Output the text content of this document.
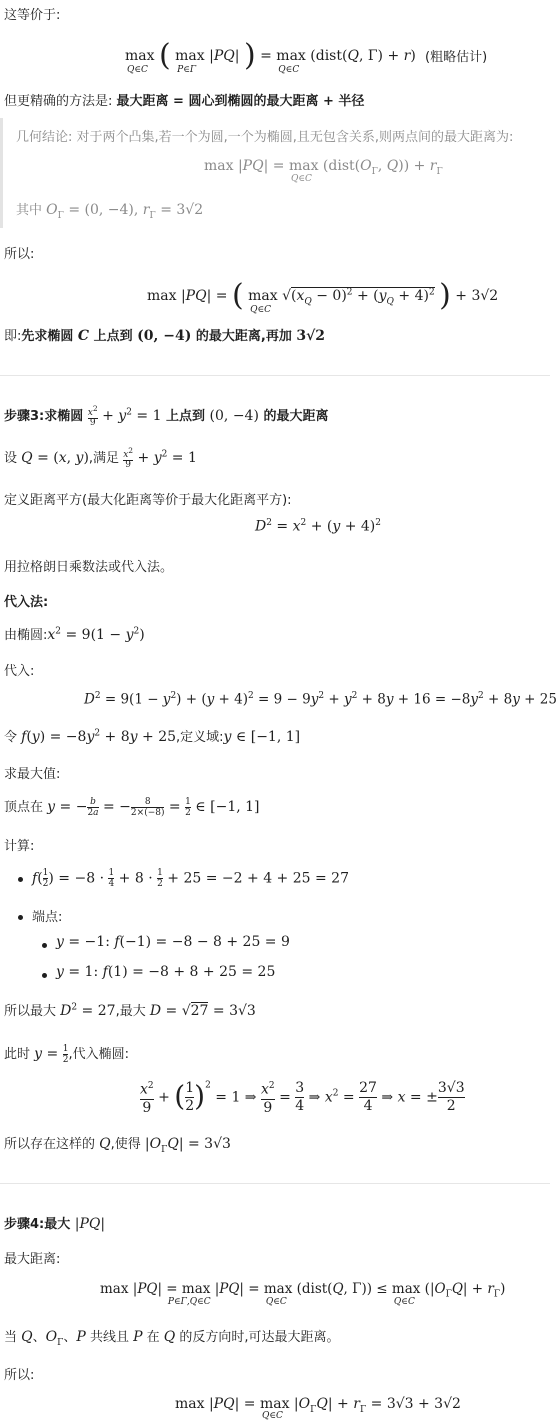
这等价于:
max
Q∈C ( max
P∈Γ
|PQ| ) = max
Q∈C
(dist(Q, Γ) + r) (粗略估计)
但更精确的方法是: 最大距离 = 圆心到椭圆的最大距离 + 半径
几何结论: 对于两个凸集,若一个为圆,一个为椭圆,且无包含关系,则两点间的最大距离为:
max |PQ| = max
Q∈C
($dist(O_\Gamma$, $Q)) + r_\Gamma$
其中 $O_\Gamma = (0$, −4), $r_\Gamma = 3√2$
所以:
max |PQ| = ( max
Q∈C
$√(x_Q - 0)^2 + (y_Q + 4)^2$ ) + 3√2
即:先求椭圆 C 上点到 (0, −4) 的最大距离,再加 3√2
步骤3:求椭圆 $x^2$

$9 + y^2 = 1$ 上点到 (0, −4) 的最大距离
设 Q = (x, y),满足 $x^2$

$9 + y^2 = 1$
定义距离平方(最大化距离等价于最大化距离平方):
$D^2 = x^2 + (y + 4)^2$
用拉格朗日乘数法或代入法。
代入法:
由椭圆$:x^2 = 9(1 - y^2)$
代入:
$D^2 = 9(1 - y^2) + (y + 4)^2 = 9 - 9y^2 + y^2 + 8y + 16 = -8y^2 + 8y + 25$
令 $f(y) = -8y^2 + 8y + 25$,定义域:y ∈ [−1, 1]
求最大值:
顶点在 $y = -\frac{b}{2a}$ = − 8

2×(−8) = 1

2 ∈ [−1, 1]
计算:
f(1

2 ) = −8 · 1

4 + 8 · 1

2 + 25 = −2 + 4 + 25 = 27
端点:
y = −1: f(−1) = −8 − 8 + 25 = 9
y = 1: f(1) = −8 + 8 + 25 = 25
所以最大 $D^2 = 27$,最大 D = √27 = 3√3
此时 y = 1

2 ,代入椭圆:
$x^2$

9
+ (1

2 )$^2$ = 1 ⇒ $x^2$

9
= 3

4
⇒ $x^2 = 27$

4
⇒ x = ±3√3

2
所以存在这样的 Q,使得 $|O_\Gamma Q| = 3√3$
步骤4:最大 |PQ|
最大距离:
max |PQ| = max
P∈Γ,Q∈C
|PQ| = max
Q∈C
(dist(Q, Γ)) ≤ max
Q∈C
$(|O_\Gamma Q| + r_\Gamma)$
当 Q、$O_\Gamma$、P 共线且 P 在 Q 的反方向时,可达最大距离。
所以:
max |PQ| = max
Q∈C
$|O_\Gamma Q| + r_\Gamma = 3√3 + 3√2$
